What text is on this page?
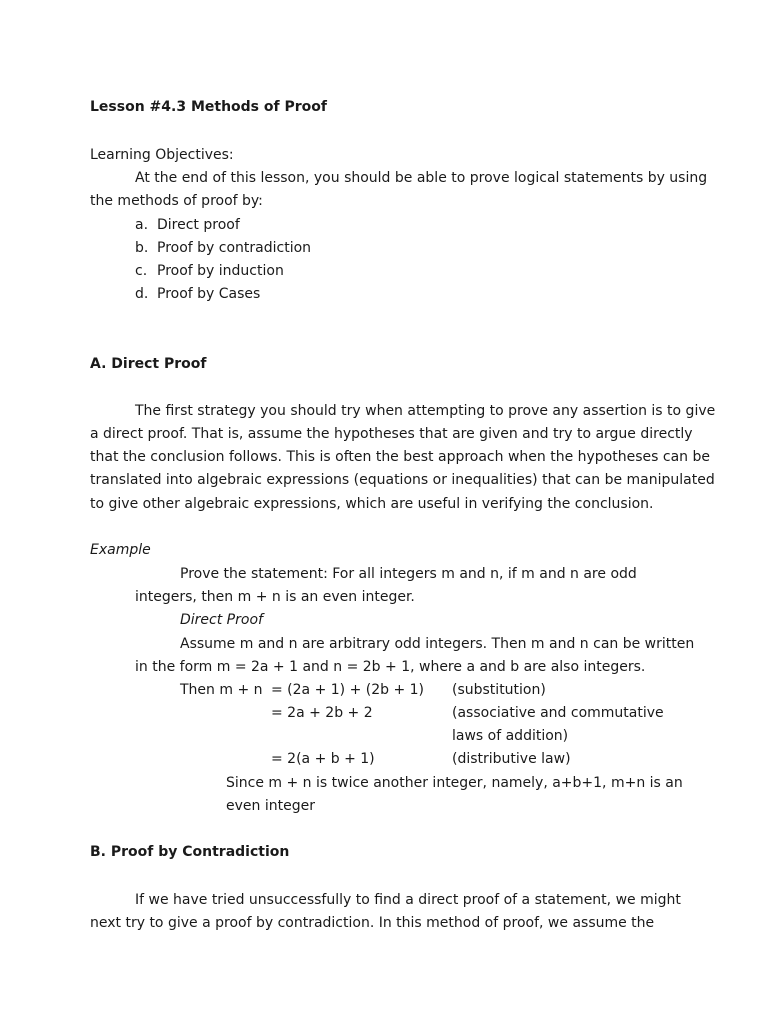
Lesson #4.3 Methods of Proof
Learning Objectives:
At the end of this lesson, you should be able to prove logical statements by using
the methods of proof by:
a. Direct proof
b. Proof by contradiction
c. Proof by induction
d. Proof by Cases
A. Direct Proof
The first strategy you should try when attempting to prove any assertion is to give
a direct proof. That is, assume the hypotheses that are given and try to argue directly
that the conclusion follows. This is often the best approach when the hypotheses can be
translated into algebraic expressions (equations or inequalities) that can be manipulated
to give other algebraic expressions, which are useful in verifying the conclusion.
Example
Prove the statement: For all integers m and n, if m and n are odd
integers, then m + n is an even integer.
Direct Proof
Assume m and n are arbitrary odd integers. Then m and n can be written
in the form m = 2a + 1 and n = 2b + 1, where a and b are also integers.
Then m + n = (2a + 1) + (2b + 1) (substitution)
= 2a + 2b + 2	(associative and commutative
laws of addition)
= 2(a + b + 1)	(distributive law)
Since m + n is twice another integer, namely, a+b+1, m+n is an
even integer
B. Proof by Contradiction
If we have tried unsuccessfully to find a direct proof of a statement, we might
next try to give a proof by contradiction. In this method of proof, we assume the
